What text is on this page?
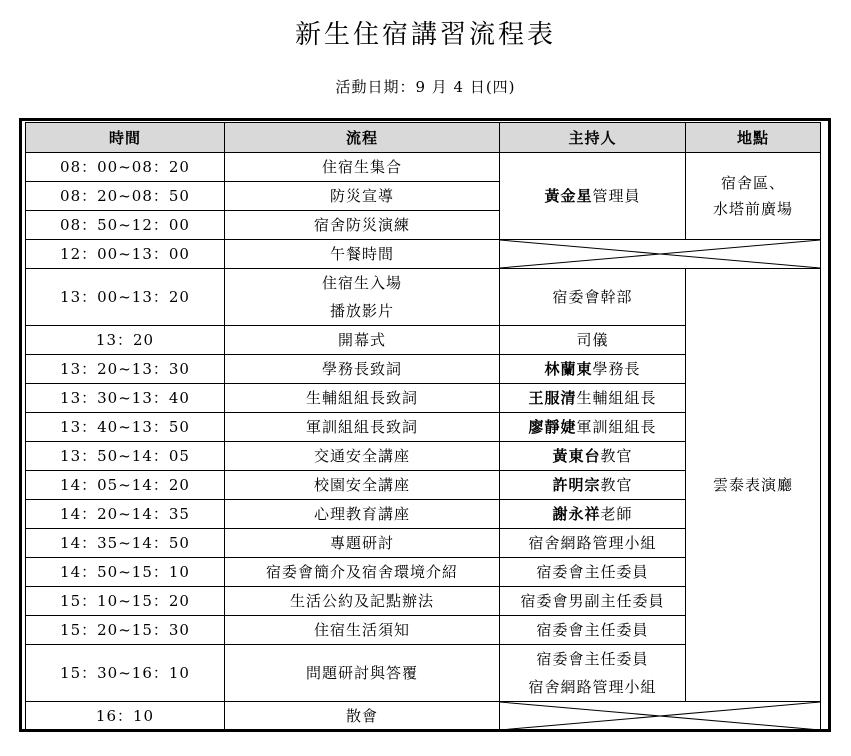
新生住宿講習流程表
活動日期：9 月 4 日(四)
時間	流程	主持人	地點
08：00~08：20	住宿生集合	黃金星管理員	宿舍區、
水塔前廣場

08：20~08：50	防災宣導		
08：50~12：00	宿舍防災演練		
12：00~13：00	午餐時間	

13：00~13：20	住宿生入場
播放影片	宿委會幹部	雲泰表演廳
13：20	開幕式	司儀	
13：20~13：30	學務長致詞	林蘭東學務長	
13：30~13：40	生輔組組長致詞	王服清生輔組組長	
13：40~13：50	軍訓組組長致詞	廖靜婕軍訓組組長	
13：50~14：05	交通安全講座	黃東台教官	
14：05~14：20	校園安全講座	許明宗教官	
14：20~14：35	心理教育講座	謝永祥老師	
14：35~14：50	專題研討	宿舍網路管理小組	
14：50~15：10	宿委會簡介及宿舍環境介紹	宿委會主任委員	
15：10~15：20	生活公約及記點辦法	宿委會男副主任委員	
15：20~15：30	住宿生活須知	宿委會主任委員	
15：30~16：10	問題研討與答覆	宿委會主任委員
宿舍網路管理小組	

16：10	散會	
